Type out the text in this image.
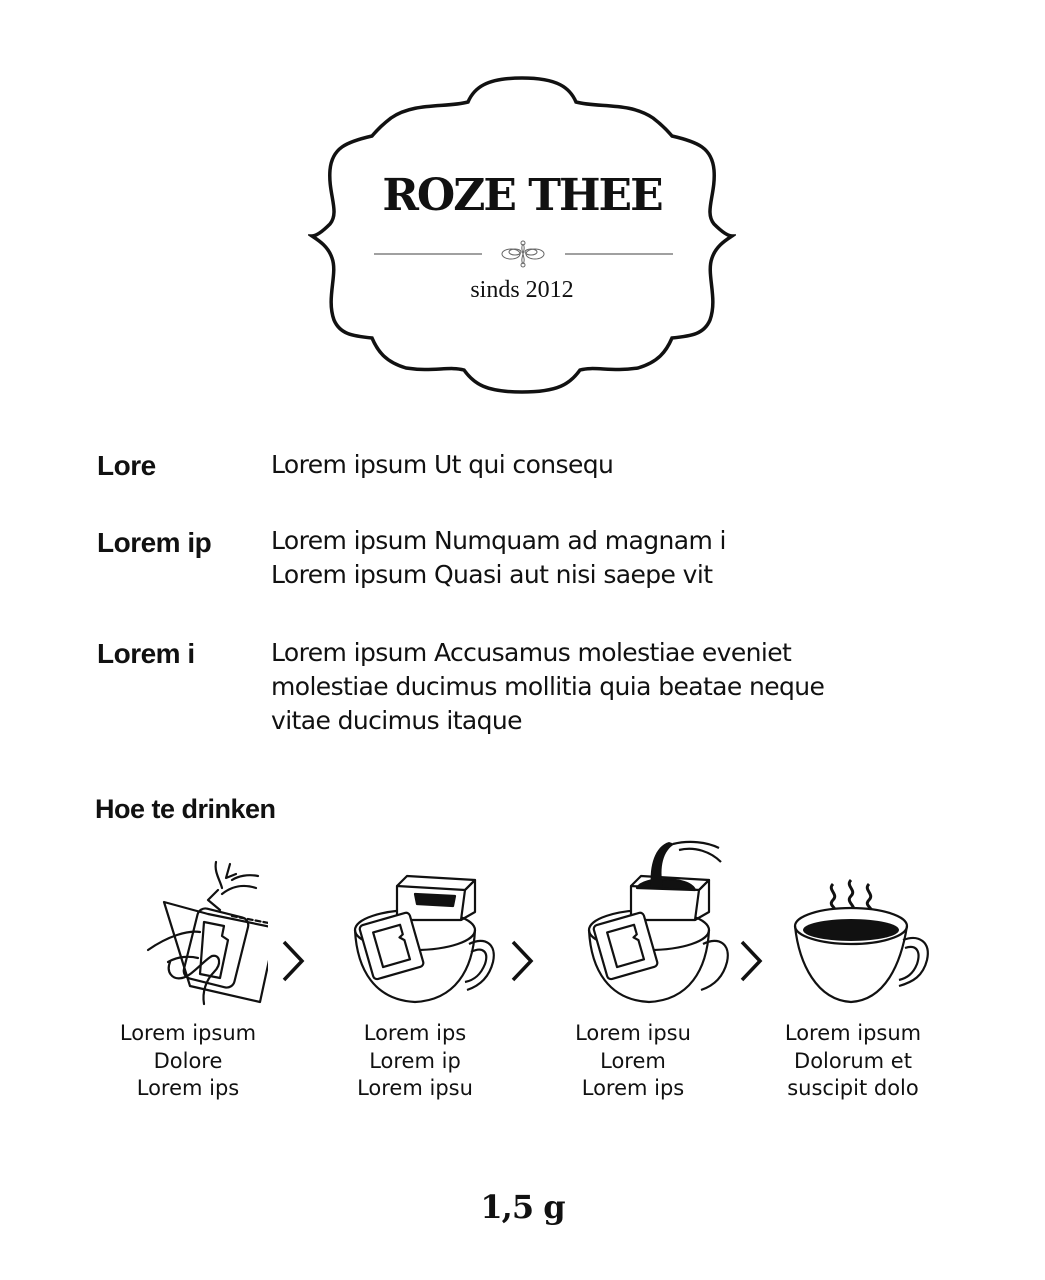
ROZE THEE
sinds 2012
Lore	Lorem ipsum Ut qui consequ
Lorem ip Lorem ipsum Numquam ad magnam i
Lorem ipsum Quasi aut nisi saepe vit
Lorem i	Lorem ipsum Accusamus molestiae eveniet
molestiae ducimus mollitia quia beatae neque
vitae ducimus itaque
Hoe te drinken
Lorem ipsum
Dolore
Lorem ips
Lorem ips
Lorem ip
Lorem ipsu
Lorem ipsu
Lorem
Lorem ips
Lorem ipsum
Dolorum et
suscipit dolo
1,5 g
